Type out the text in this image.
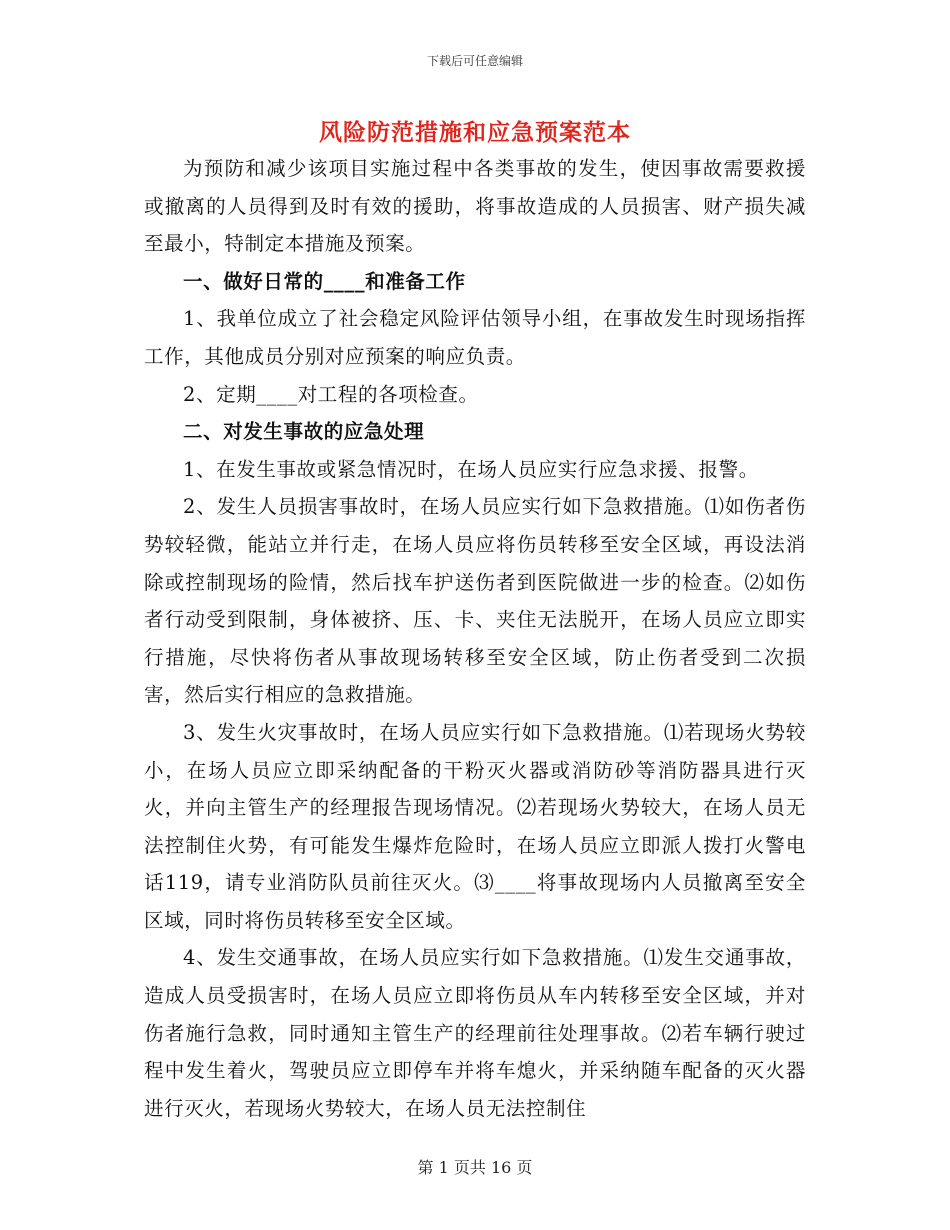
下载后可任意编辑
风险防范措施和应急预案范本

为预防和减少该项目实施过程中各类事故的发生，使因事故需要救援或撤离的人员得到及时有效的援助，将事故造成的人员损害、财产损失减至最小，特制定本措施及预案。

一、做好日常的____和准备工作

1、我单位成立了社会稳定风险评估领导小组，在事故发生时现场指挥工作，其他成员分别对应预案的响应负责。

2、定期____对工程的各项检查。

二、对发生事故的应急处理

1、在发生事故或紧急情况时，在场人员应实行应急求援、报警。

2、发生人员损害事故时，在场人员应实行如下急救措施。⑴如伤者伤势较轻微，能站立并行走，在场人员应将伤员转移至安全区域，再设法消除或控制现场的险情，然后找车护送伤者到医院做进一步的检查。⑵如伤者行动受到限制，身体被挤、压、卡、夹住无法脱开，在场人员应立即实行措施，尽快将伤者从事故现场转移至安全区域，防止伤者受到二次损害，然后实行相应的急救措施。

3、发生火灾事故时，在场人员应实行如下急救措施。⑴若现场火势较小，在场人员应立即采纳配备的干粉灭火器或消防砂等消防器具进行灭火，并向主管生产的经理报告现场情况。⑵若现场火势较大，在场人员无法控制住火势，有可能发生爆炸危险时，在场人员应立即派人拨打火警电话119，请专业消防队员前往灭火。⑶____将事故现场内人员撤离至安全区域，同时将伤员转移至安全区域。

4、发生交通事故，在场人员应实行如下急救措施。⑴发生交通事故，造成人员受损害时，在场人员应立即将伤员从车内转移至安全区域，并对伤者施行急救，同时通知主管生产的经理前往处理事故。⑵若车辆行驶过程中发生着火，驾驶员应立即停车并将车熄火，并采纳随车配备的灭火器进行灭火，若现场火势较大，在场人员无法控制住

第 1 页共 16 页
